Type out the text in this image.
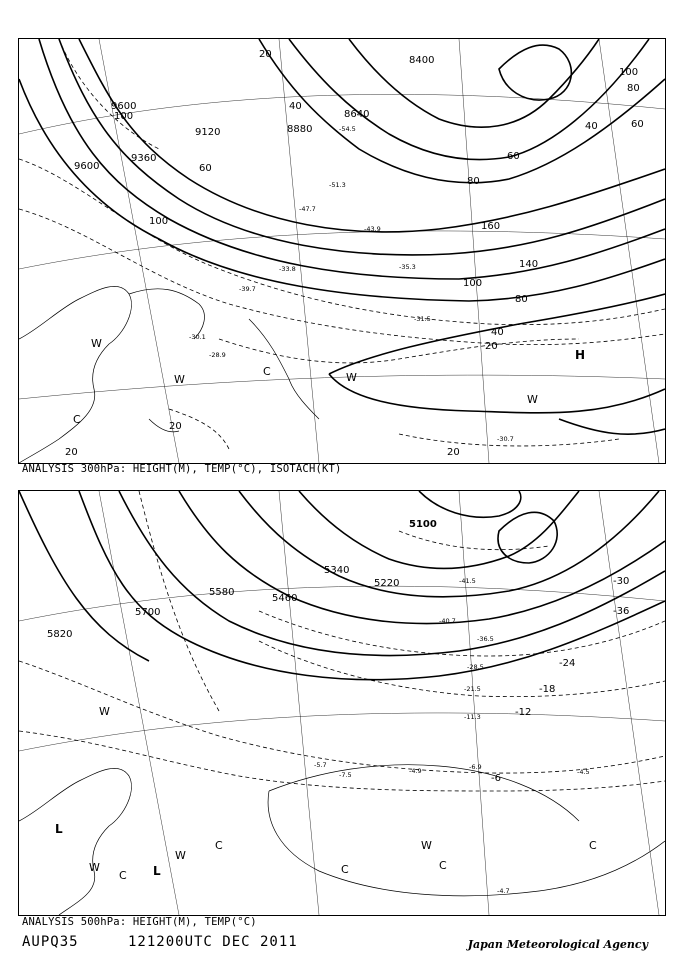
9600
9600
9360
9120	8880
8640
8400
100
100
60
20
40
80
60
160
140
100
80
40
20
20
20	20
100
80
60
40
-54.5
-51.3
-47.7
-43.9
-39.7
-35.3
-33.8
-31.5
-30.1
-28.9
-30.7
H
W
W	W
W
C
C
ANALYSIS 300hPa: HEIGHT(M), TEMP(°C), ISOTACH(KT)
5100
5220
5340
5460
5580
5700
5820
-30
-36
-24
-18
-12
-6
-41.5
-40.7
-36.5
-28.5
-21.5
-11.3
-6.9
-4.9	-4.5
-5.7
-7.5
-4.7
L
L
W
W
W
W	C
C
C
C	C
ANALYSIS 500hPa: HEIGHT(M), TEMP(°C)
AUPQ35	121200UTC DEC 2011	Japan Meteorological Agency
